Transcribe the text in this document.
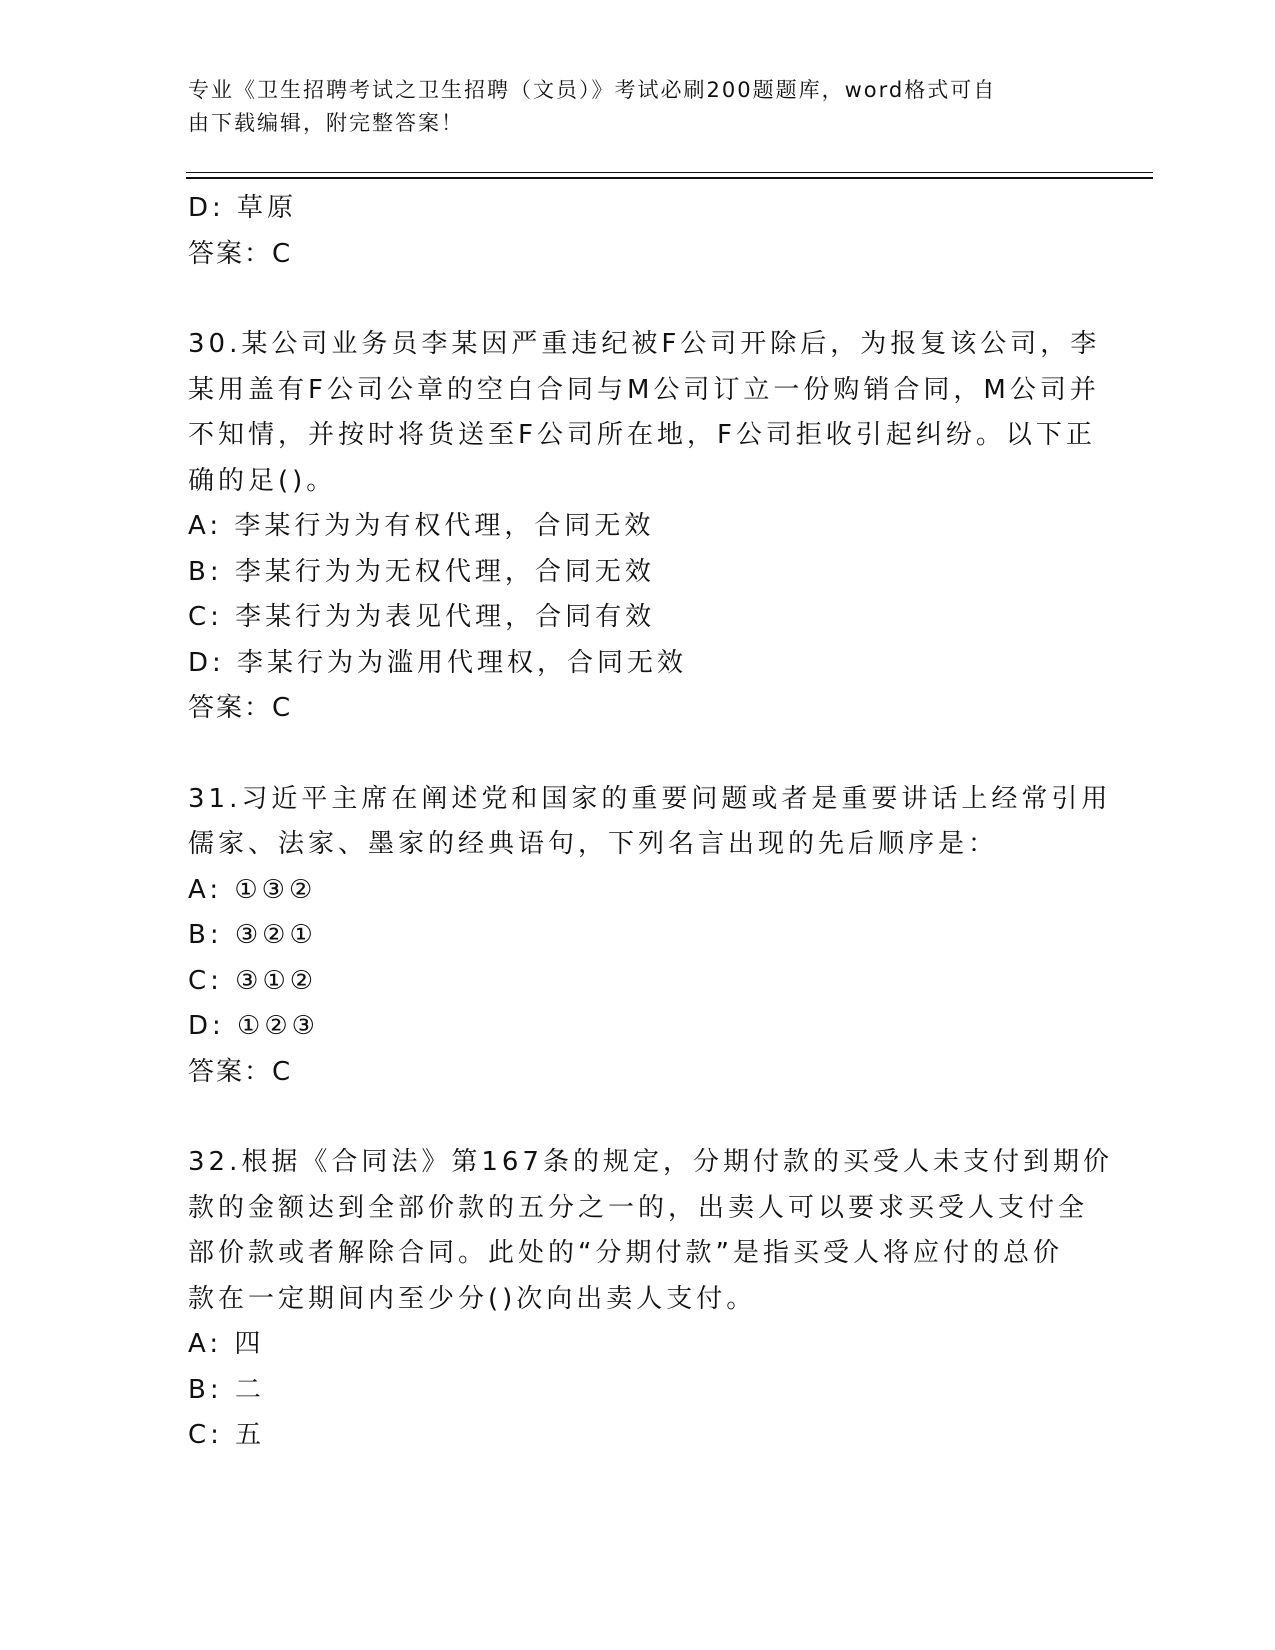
专业《卫生招聘考试之卫生招聘（文员）》考试必刷200题题库，word格式可自
由下载编辑，附完整答案！
D: 草原
答案：C
30.某公司业务员李某因严重违纪被F公司开除后，为报复该公司，李
某用盖有F公司公章的空白合同与M公司订立一份购销合同，M公司并
不知情，并按时将货送至F公司所在地，F公司拒收引起纠纷。以下正
确的足()。
A: 李某行为为有权代理，合同无效
B: 李某行为为无权代理，合同无效
C: 李某行为为表见代理，合同有效
D: 李某行为为滥用代理权，合同无效
答案：C
31.习近平主席在阐述党和国家的重要问题或者是重要讲话上经常引用
儒家、法家、墨家的经典语句，下列名言出现的先后顺序是：
A: ①③②
B: ③②①
C: ③①②
D: ①②③
答案：C
32.根据《合同法》第167条的规定，分期付款的买受人未支付到期价
款的金额达到全部价款的五分之一的，出卖人可以要求买受人支付全
部价款或者解除合同。此处的“分期付款”是指买受人将应付的总价
款在一定期间内至少分()次向出卖人支付。
A: 四
B: 二
C: 五
